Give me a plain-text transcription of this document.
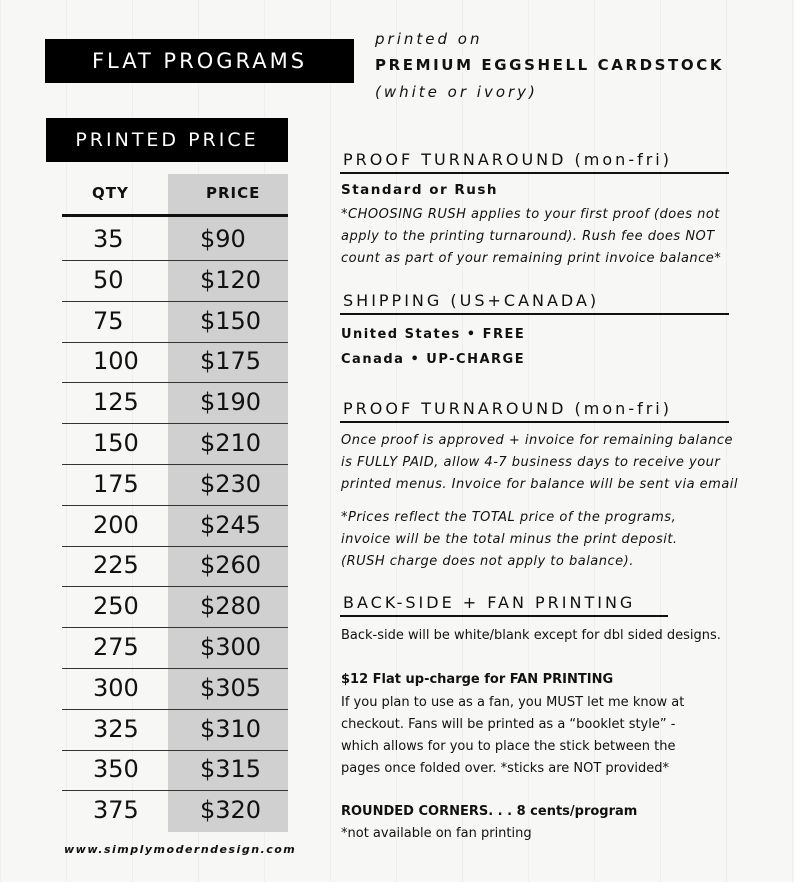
FLAT PROGRAMS
printed on
PREMIUM EGGSHELL CARDSTOCK
(white or ivory)
PRINTED PRICE
QTY	PRICE
35	$90
50	$120
75	$150
100	$175
125	$190
150	$210
175	$230
200	$245
225	$260
250	$280
275	$300
300	$305
325	$310
350	$315
375	$320
www.simplymoderndesign.com
PROOF TURNAROUND (mon-fri)
Standard or Rush
*CHOOSING RUSH applies to your first proof (does not
apply to the printing turnaround). Rush fee does NOT
count as part of your remaining print invoice balance*
SHIPPING (US+CANADA)
United States • FREE
Canada • UP-CHARGE
PROOF TURNAROUND (mon-fri)
Once proof is approved + invoice for remaining balance
is FULLY PAID, allow 4-7 business days to receive your
printed menus. Invoice for balance will be sent via email
*Prices reflect the TOTAL price of the programs,
invoice will be the total minus the print deposit.
(RUSH charge does not apply to balance).
BACK-SIDE + FAN PRINTING
Back-side will be white/blank except for dbl sided designs.
$12 Flat up-charge for FAN PRINTING
If you plan to use as a fan, you MUST let me know at
checkout. Fans will be printed as a “booklet style” -
which allows for you to place the stick between the
pages once folded over. *sticks are NOT provided*
ROUNDED CORNERS. . . 8 cents/program
*not available on fan printing
